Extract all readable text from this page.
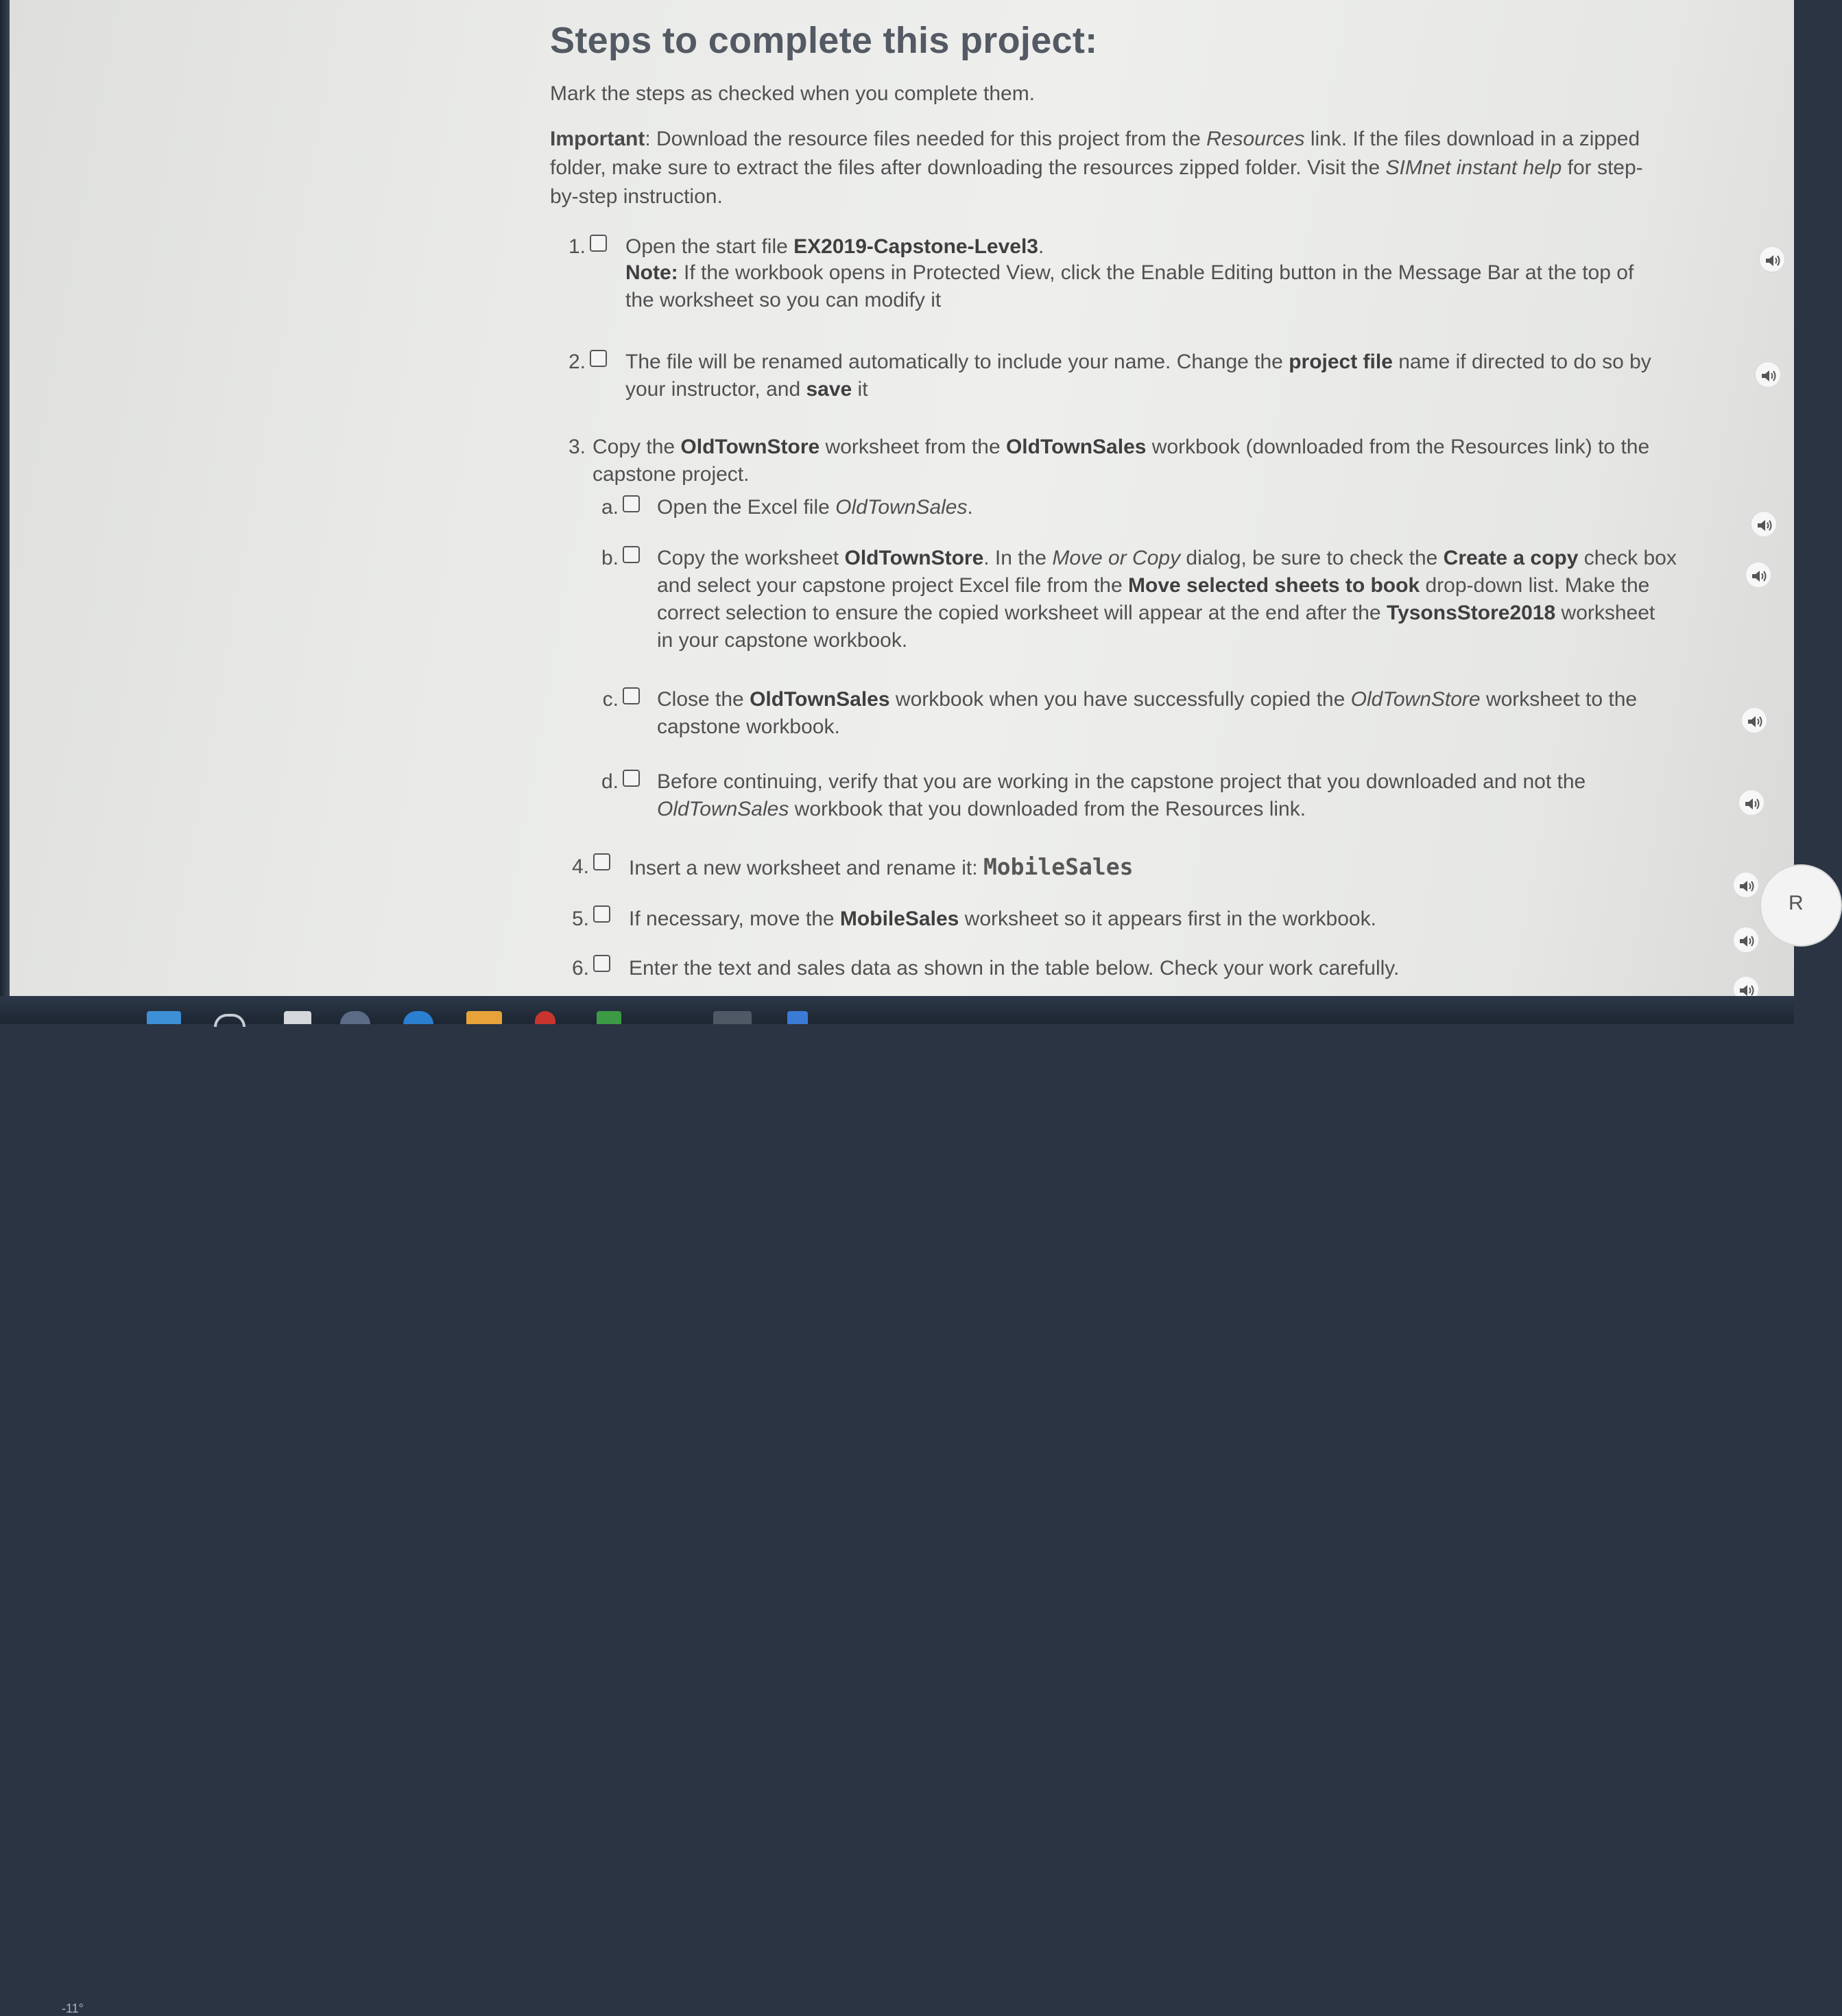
Steps to complete this project:
Mark the steps as checked when you complete them.
Important: Download the resource files needed for this project from the Resources link. If the files download in a zipped
folder, make sure to extract the files after downloading the resources zipped folder. Visit the SIMnet instant help for step-
by-step instruction.
1. Open the start file EX2019-Capstone-Level3.
Note: If the workbook opens in Protected View, click the Enable Editing button in the Message Bar at the top of
the worksheet so you can modify it
2. The file will be renamed automatically to include your name. Change the project file name if directed to do so by
your instructor, and save it
3. Copy the OldTownStore worksheet from the OldTownSales workbook (downloaded from the Resources link) to the
capstone project.
a. Open the Excel file OldTownSales.
b. Copy the worksheet OldTownStore. In the Move or Copy dialog, be sure to check the Create a copy check box
and select your capstone project Excel file from the Move selected sheets to book drop-down list. Make the
correct selection to ensure the copied worksheet will appear at the end after the TysonsStore2018 worksheet
in your capstone workbook.
c. Close the OldTownSales workbook when you have successfully copied the OldTownStore worksheet to the
capstone workbook.
d. Before continuing, verify that you are working in the capstone project that you downloaded and not the
OldTownSales workbook that you downloaded from the Resources link.
4. Insert a new worksheet and rename it: MobileSales
5. If necessary, move the MobileSales worksheet so it appears first in the workbook.
6. Enter the text and sales data as shown in the table below. Check your work carefully.
R
-11°
